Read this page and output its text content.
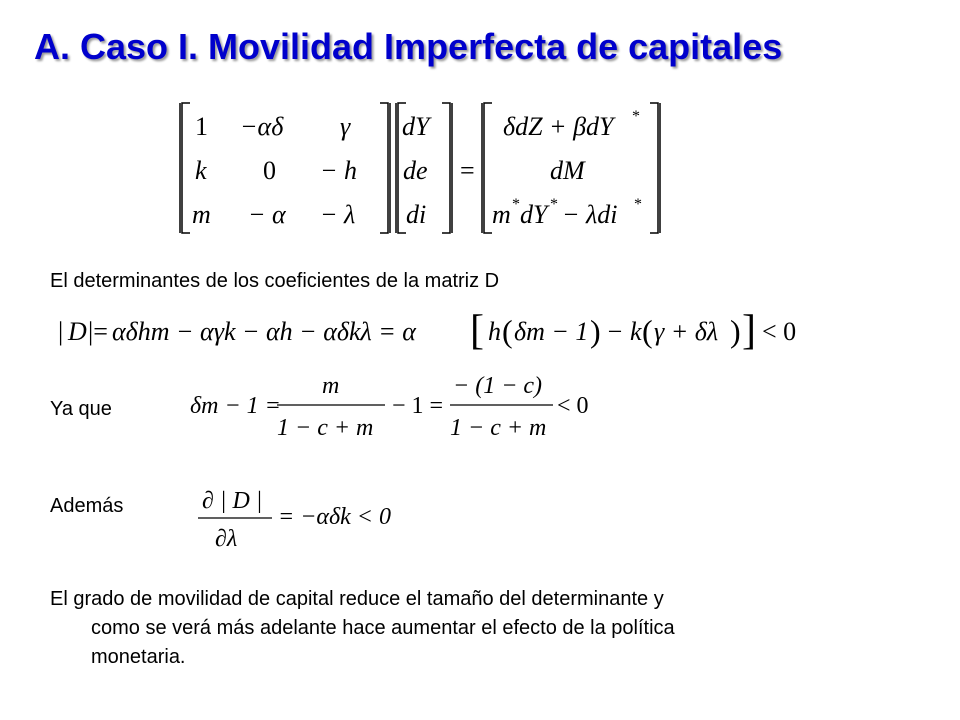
A. Caso I. Movilidad Imperfecta de capitales
1 −αδ γ
k 0 − h
m − α − λ
dY
de
di
=
δdZ + βdY *
dM
m * dY * − λdi *
El determinantes de los coeficientes de la matriz D
| D |= αδhm − αγk − αh − αδkλ = α [ h ( δm − 1 ) − k ( γ + δλ ) ] < 0
Ya que	δm − 1 =
m
1 − c + m
− 1 =
− (1 − c)
1 − c + m
< 0
Además	∂ | D |
∂λ
= −αδk < 0
El grado de movilidad de capital reduce el tamaño del determinante y
como se verá más adelante hace aumentar el efecto de la política
monetaria.
